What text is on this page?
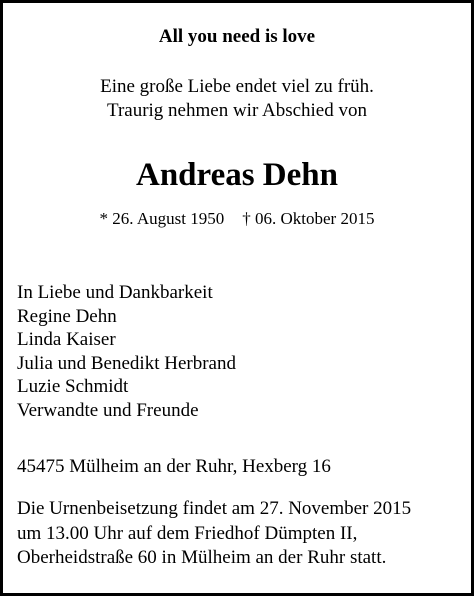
All you need is love
Eine große Liebe endet viel zu früh.
Traurig nehmen wir Abschied von
Andreas Dehn
* 26. August 1950 † 06. Oktober 2015
In Liebe und Dankbarkeit
Regine Dehn
Linda Kaiser
Julia und Benedikt Herbrand
Luzie Schmidt
Verwandte und Freunde
45475 Mülheim an der Ruhr, Hexberg 16
Die Urnenbeisetzung findet am 27. November 2015
um 13.00 Uhr auf dem Friedhof Dümpten II,
Oberheidstraße 60 in Mülheim an der Ruhr statt.
